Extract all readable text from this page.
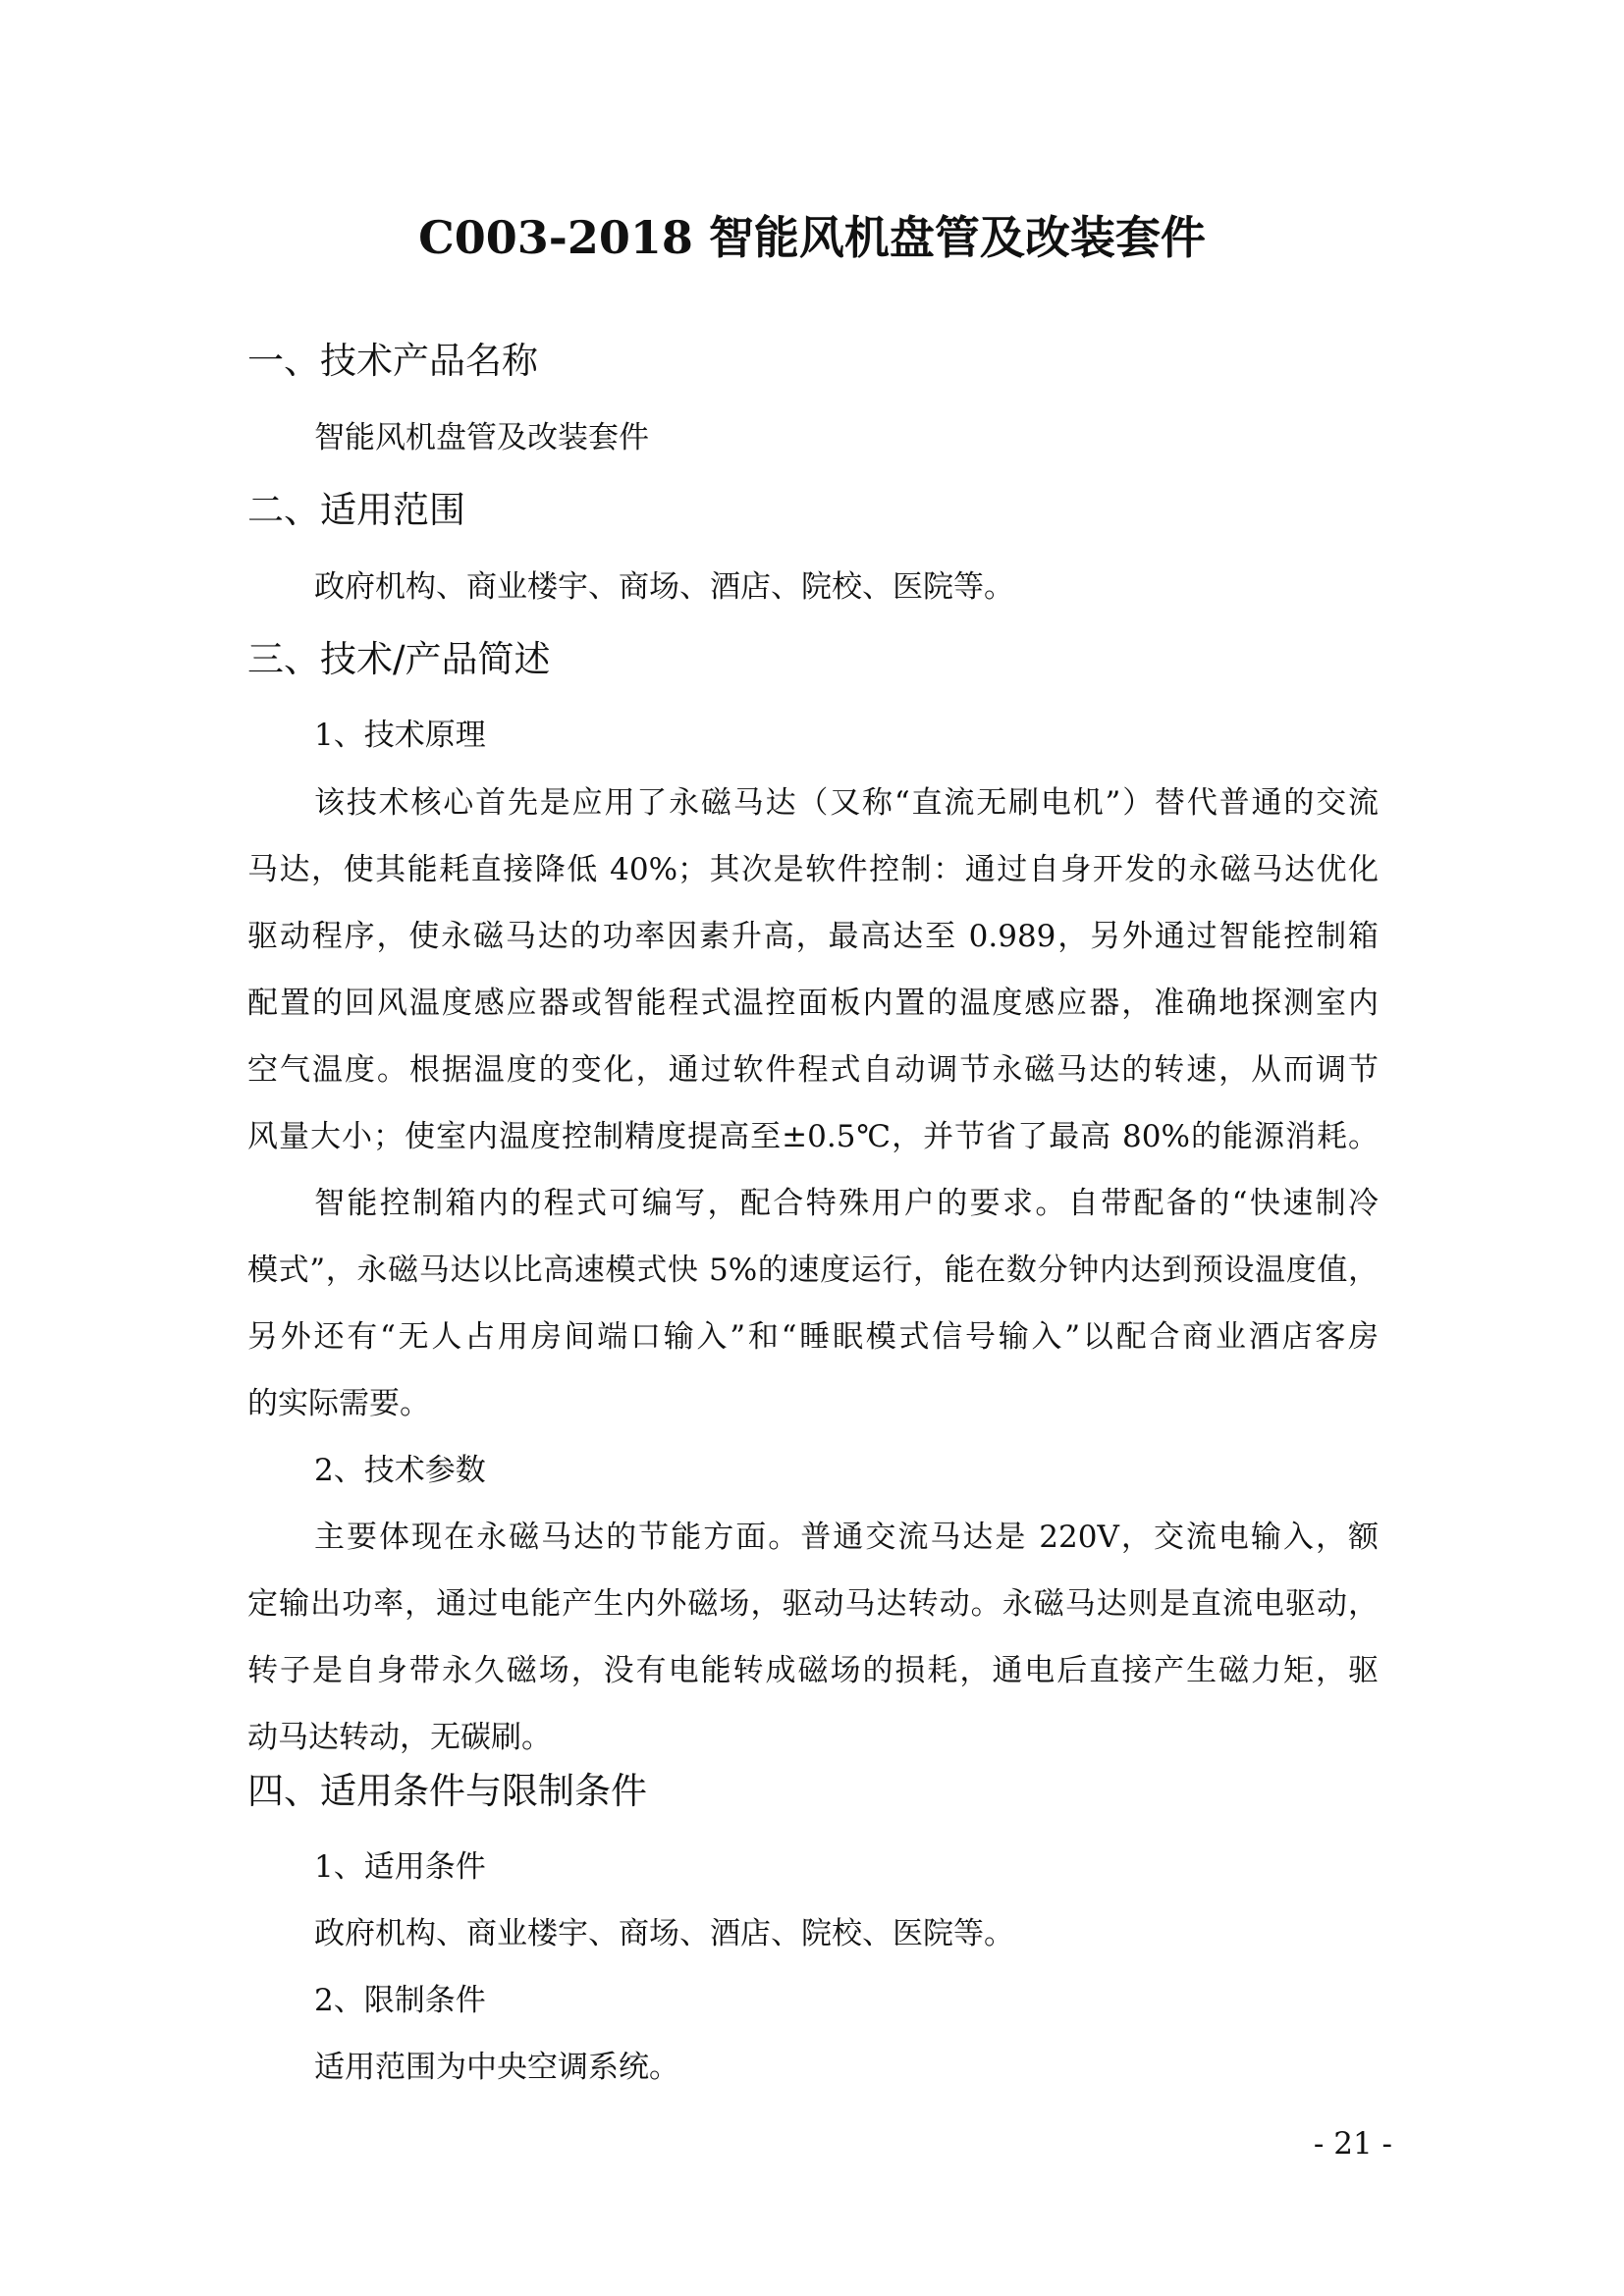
C003-2018 智能风机盘管及改装套件
一、技术产品名称
智能风机盘管及改装套件
二、适用范围
政府机构、商业楼宇、商场、酒店、院校、医院等。
三、技术/产品简述
1、技术原理
该技术核心首先是应用了永磁马达（又称“直流无刷电机”）替代普通的交流
马达，使其能耗直接降低 40%；其次是软件控制：通过自身开发的永磁马达优化
驱动程序，使永磁马达的功率因素升高，最高达至 0.989，另外通过智能控制箱
配置的回风温度感应器或智能程式温控面板内置的温度感应器，准确地探测室内
空气温度。根据温度的变化，通过软件程式自动调节永磁马达的转速，从而调节
风量大小；使室内温度控制精度提高至±0.5℃，并节省了最高 80%的能源消耗。
智能控制箱内的程式可编写，配合特殊用户的要求。自带配备的“快速制冷
模式”，永磁马达以比高速模式快 5%的速度运行，能在数分钟内达到预设温度值，
另外还有“无人占用房间端口输入”和“睡眠模式信号输入”以配合商业酒店客房
的实际需要。
2、技术参数
主要体现在永磁马达的节能方面。普通交流马达是 220V，交流电输入，额
定输出功率，通过电能产生内外磁场，驱动马达转动。永磁马达则是直流电驱动，
转子是自身带永久磁场，没有电能转成磁场的损耗，通电后直接产生磁力矩，驱
动马达转动，无碳刷。
四、适用条件与限制条件
1、适用条件
政府机构、商业楼宇、商场、酒店、院校、医院等。
2、限制条件
适用范围为中央空调系统。
- 21 -
